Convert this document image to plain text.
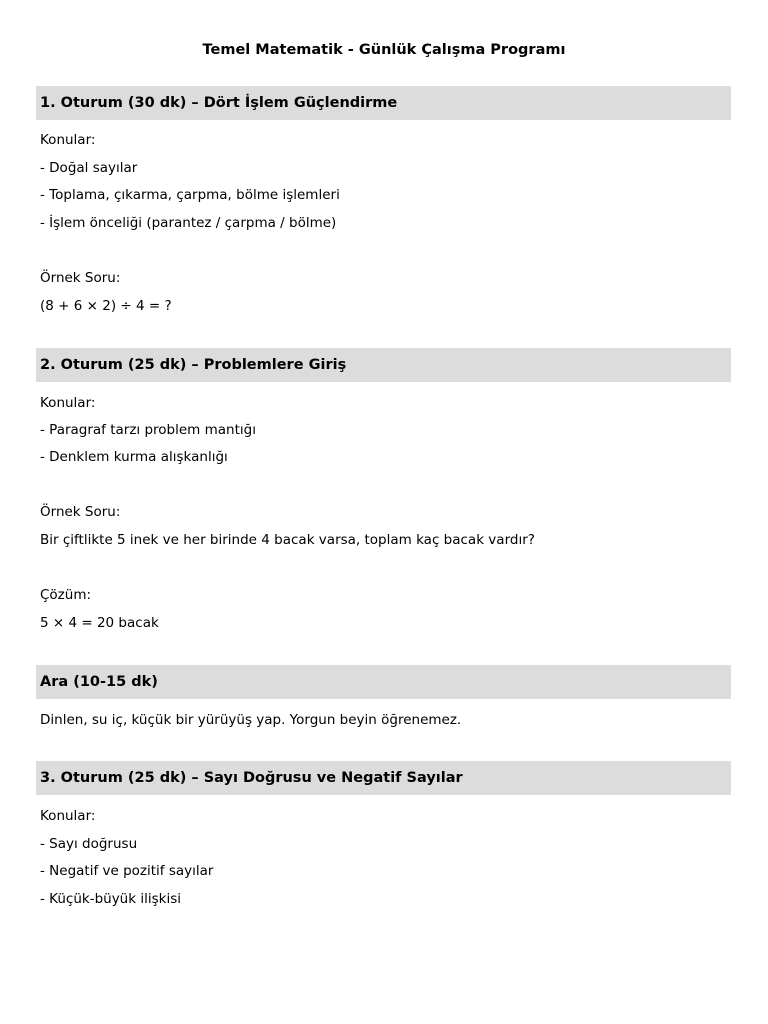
Temel Matematik - Günlük Çalışma Programı
1. Oturum (30 dk) – Dört İşlem Güçlendirme
Konular:
- Doğal sayılar
- Toplama, çıkarma, çarpma, bölme işlemleri
- İşlem önceliği (parantez / çarpma / bölme)
Örnek Soru:
(8 + 6 × 2) ÷ 4 = ?
2. Oturum (25 dk) – Problemlere Giriş
Konular:
- Paragraf tarzı problem mantığı
- Denklem kurma alışkanlığı
Örnek Soru:
Bir çiftlikte 5 inek ve her birinde 4 bacak varsa, toplam kaç bacak vardır?
Çözüm:
5 × 4 = 20 bacak
Ara (10-15 dk)
Dinlen, su iç, küçük bir yürüyüş yap. Yorgun beyin öğrenemez.
3. Oturum (25 dk) – Sayı Doğrusu ve Negatif Sayılar
Konular:
- Sayı doğrusu
- Negatif ve pozitif sayılar
- Küçük-büyük ilişkisi
